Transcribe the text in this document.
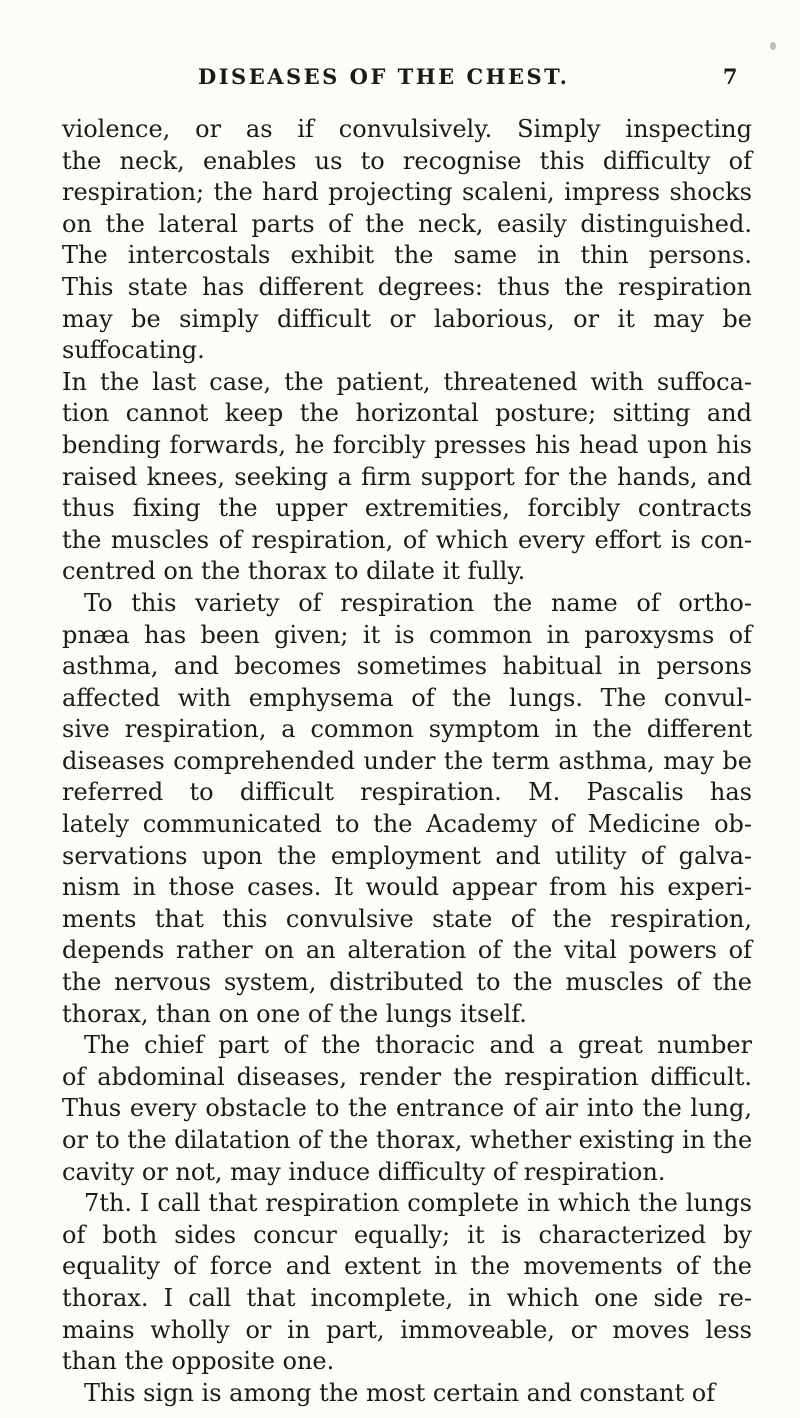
DISEASES OF THE CHEST.	7
violence, or as if convulsively. Simply inspecting
the neck, enables us to recognise this difficulty of
respiration; the hard projecting scaleni, impress shocks
on the lateral parts of the neck, easily distinguished.
The intercostals exhibit the same in thin persons.
This state has different degrees: thus the respiration
may be simply difficult or laborious, or it may be
suffocating.
In the last case, the patient, threatened with suffoca-
tion cannot keep the horizontal posture; sitting and
bending forwards, he forcibly presses his head upon his
raised knees, seeking a firm support for the hands, and
thus fixing the upper extremities, forcibly contracts
the muscles of respiration, of which every effort is con-
centred on the thorax to dilate it fully.
To this variety of respiration the name of ortho-
pnæa has been given; it is common in paroxysms of
asthma, and becomes sometimes habitual in persons
affected with emphysema of the lungs. The convul-
sive respiration, a common symptom in the different
diseases comprehended under the term asthma, may be
referred to difficult respiration. M. Pascalis has
lately communicated to the Academy of Medicine ob-
servations upon the employment and utility of galva-
nism in those cases. It would appear from his experi-
ments that this convulsive state of the respiration,
depends rather on an alteration of the vital powers of
the nervous system, distributed to the muscles of the
thorax, than on one of the lungs itself.
The chief part of the thoracic and a great number
of abdominal diseases, render the respiration difficult.
Thus every obstacle to the entrance of air into the lung,
or to the dilatation of the thorax, whether existing in the
cavity or not, may induce difficulty of respiration.
7th. I call that respiration complete in which the lungs
of both sides concur equally; it is characterized by
equality of force and extent in the movements of the
thorax. I call that incomplete, in which one side re-
mains wholly or in part, immoveable, or moves less
than the opposite one.
This sign is among the most certain and constant of
